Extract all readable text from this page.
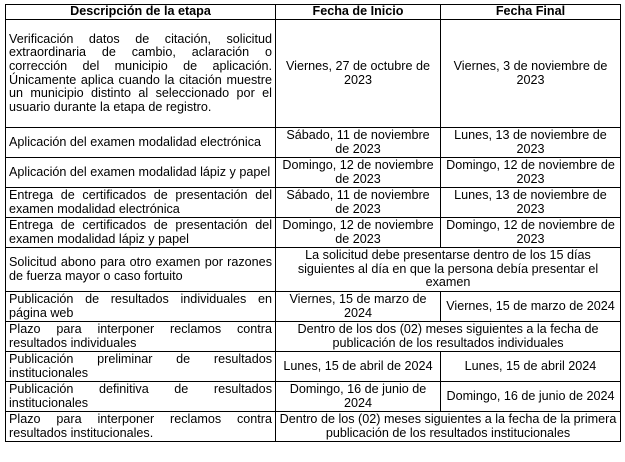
Descripción de la etapa	Fecha de Inicio	Fecha Final
Verificación datos de citación, solicitud extraordinaria de cambio, aclaración o corrección del municipio de aplicación. Únicamente aplica cuando la citación muestre un municipio distinto al seleccionado por el usuario durante la etapa de registro.	Viernes, 27 de octubre de 2023	Viernes, 3 de noviembre de 2023
Aplicación del examen modalidad electrónica	Sábado, 11 de noviembre de 2023	Lunes, 13 de noviembre de 2023
Aplicación del examen modalidad lápiz y papel	Domingo, 12 de noviembre de 2023	Domingo, 12 de noviembre de 2023
Entrega de certificados de presentación del examen modalidad electrónica	Sábado, 11 de noviembre de 2023	Lunes, 13 de noviembre de 2023
Entrega de certificados de presentación del examen modalidad lápiz y papel	Domingo, 12 de noviembre de 2023	Domingo, 12 de noviembre de 2023
Solicitud abono para otro examen por razones de fuerza mayor o caso fortuito	La solicitud debe presentarse dentro de los 15 días siguientes al día en que la persona debía presentar el examen	
Publicación de resultados individuales en página web	Viernes, 15 de marzo de 2024	Viernes, 15 de marzo de 2024
Plazo para interponer reclamos contra resultados individuales	Dentro de los dos (02) meses siguientes a la fecha de publicación de los resultados individuales	
Publicación preliminar de resultados institucionales	Lunes, 15 de abril de 2024	Lunes, 15 de abril 2024
Publicación definitiva de resultados institucionales	Domingo, 16 de junio de 2024	Domingo, 16 de junio de 2024
Plazo para interponer reclamos contra resultados institucionales.	Dentro de los (02) meses siguientes a la fecha de la primera publicación de los resultados institucionales	
